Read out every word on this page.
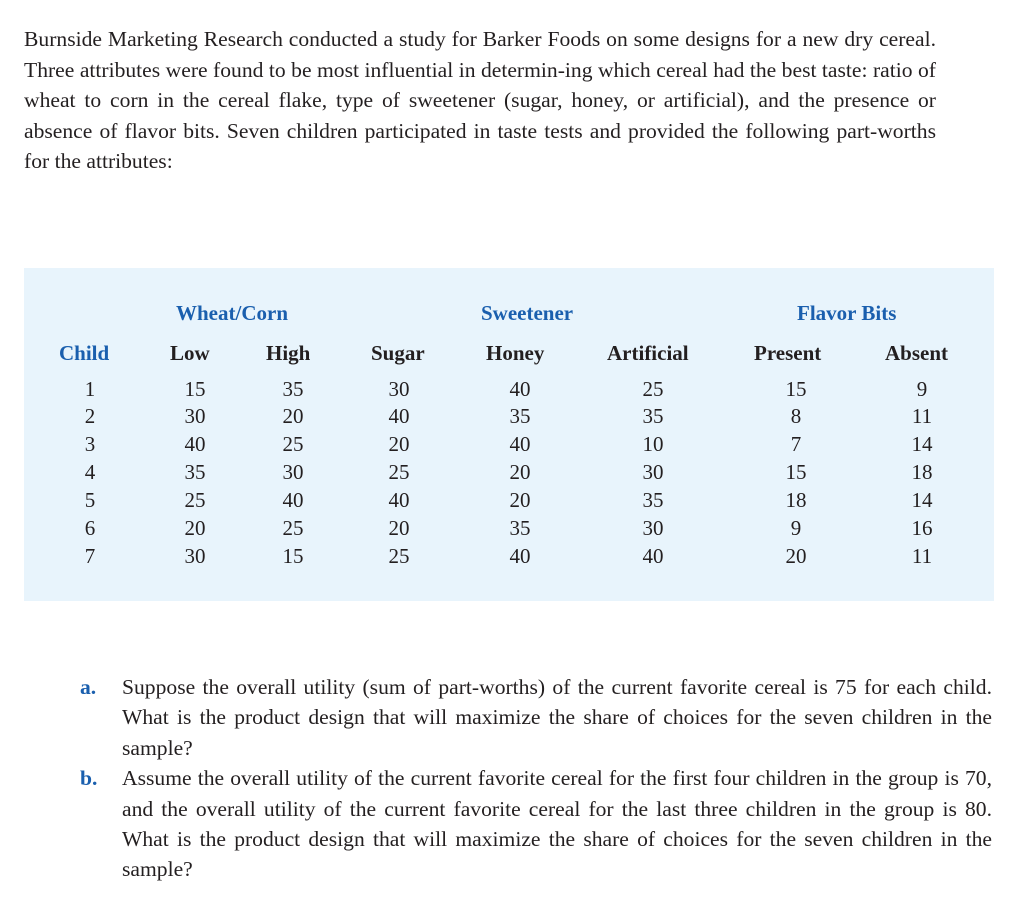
Burnside Marketing Research conducted a study for Barker Foods on some designs for a new dry cereal. Three attributes were found to be most influential in determin-ing which cereal had the best taste: ratio of wheat to corn in the cereal flake, type of sweetener (sugar, honey, or artificial), and the presence or absence of flavor bits. Seven children participated in taste tests and provided the following part-worths for the attributes:

Wheat/Corn	Sweetener	Flavor Bits
Child	Low	High	Sugar	Honey	Artificial	Present	Absent
1	15	35	30	40	25	15	9
2	30	20	40	35	35	8	11
3	40	25	20	40	10	7	14
4	35	30	25	20	30	15	18
5	25	40	40	20	35	18	14
6	20	25	20	35	30	9	16
7	30	15	25	40	40	20	11

a. Suppose the overall utility (sum of part-worths) of the current favorite cereal is 75 for each child. What is the product design that will maximize the share of choices for the seven children in the sample?

b. Assume the overall utility of the current favorite cereal for the first four children in the group is 70, and the overall utility of the current favorite cereal for the last three children in the group is 80. What is the product design that will maximize the share of choices for the seven children in the sample?
